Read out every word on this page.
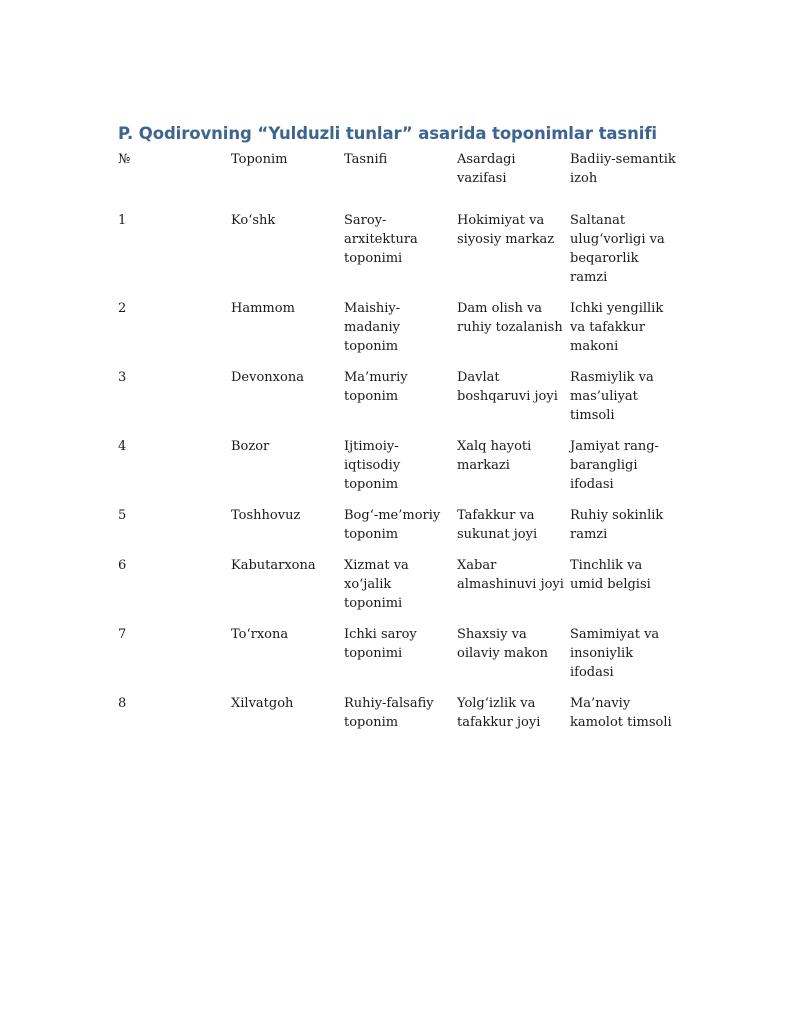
P. Qodirovning “Yulduzli tunlar” asarida toponimlar tasnifi
№	Toponim	Tasnifi	Asardagi vazifasi	Badiiy-semantik izoh

1	Ko‘shk	Saroy-arxitektura toponimi	Hokimiyat va siyosiy markaz	Saltanat ulug‘vorligi va beqarorlik ramzi

2	Hammom	Maishiy-madaniy toponim	Dam olish va ruhiy tozalanish	Ichki yengillik va tafakkur makoni

3	Devonxona	Ma’muriy toponim	Davlat boshqaruvi joyi	Rasmiylik va mas’uliyat timsoli

4	Bozor	Ijtimoiy-iqtisodiy toponim	Xalq hayoti markazi	Jamiyat rang-barangligi ifodasi

5	Toshhovuz	Bog‘-me’moriy toponim	Tafakkur va sukunat joyi	Ruhiy sokinlik ramzi

6	Kabutarxona	Xizmat va xo‘jalik toponimi	Xabar almashinuvi joyi	Tinchlik va umid belgisi

7	To‘rxona	Ichki saroy toponimi	Shaxsiy va oilaviy makon	Samimiyat va insoniylik ifodasi

8	Xilvatgoh	Ruhiy-falsafiy toponim	Yolg‘izlik va tafakkur joyi	Ma’naviy kamolot timsoli
